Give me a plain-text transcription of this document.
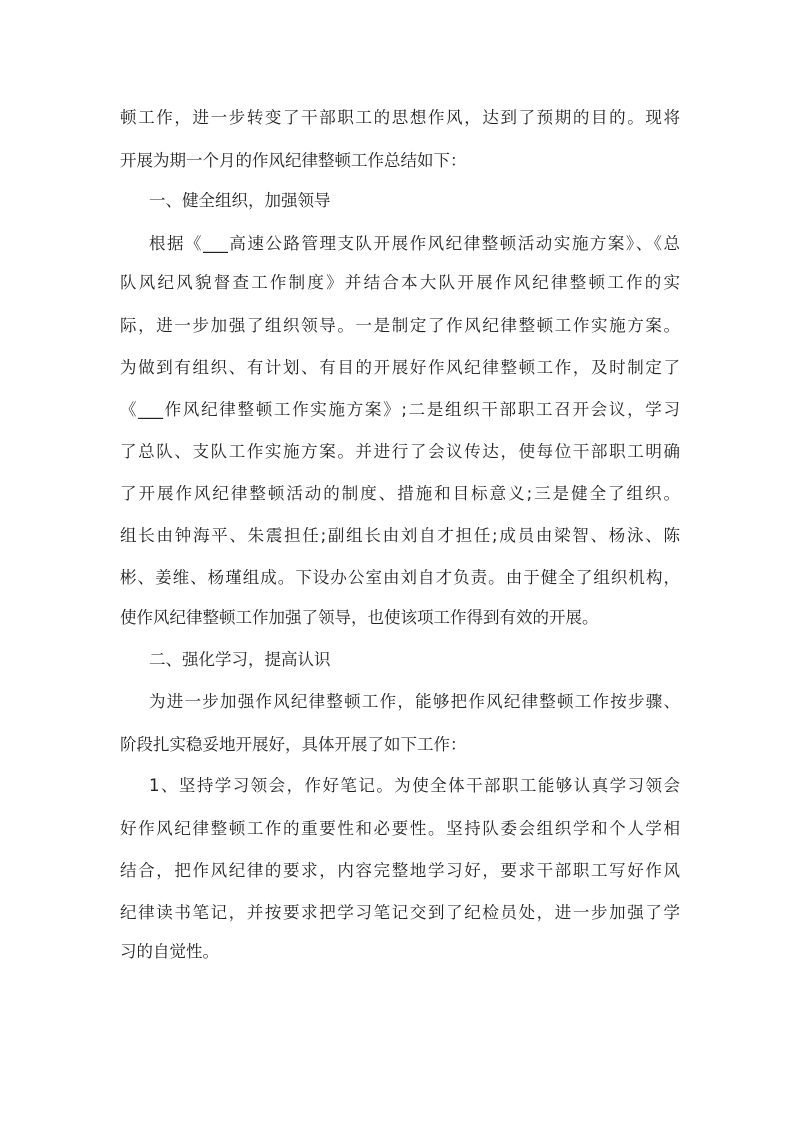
顿工作，进一步转变了干部职工的思想作风，达到了预期的目的。现将
开展为期一个月的作风纪律整顿工作总结如下：
一、健全组织，加强领导
根据《___高速公路管理支队开展作风纪律整顿活动实施方案》、《总
队风纪风貌督查工作制度》并结合本大队开展作风纪律整顿工作的实
际，进一步加强了组织领导。一是制定了作风纪律整顿工作实施方案。
为做到有组织、有计划、有目的开展好作风纪律整顿工作，及时制定了
《___作风纪律整顿工作实施方案》;二是组织干部职工召开会议，学习
了总队、支队工作实施方案。并进行了会议传达，使每位干部职工明确
了开展作风纪律整顿活动的制度、措施和目标意义;三是健全了组织。
组长由钟海平、朱震担任;副组长由刘自才担任;成员由梁智、杨泳、陈
彬、姜维、杨瑾组成。下设办公室由刘自才负责。由于健全了组织机构，
使作风纪律整顿工作加强了领导，也使该项工作得到有效的开展。
二、强化学习，提高认识
为进一步加强作风纪律整顿工作，能够把作风纪律整顿工作按步骤、
阶段扎实稳妥地开展好，具体开展了如下工作：
1、坚持学习领会，作好笔记。为使全体干部职工能够认真学习领会
好作风纪律整顿工作的重要性和必要性。坚持队委会组织学和个人学相
结合，把作风纪律的要求，内容完整地学习好，要求干部职工写好作风
纪律读书笔记，并按要求把学习笔记交到了纪检员处，进一步加强了学
习的自觉性。
